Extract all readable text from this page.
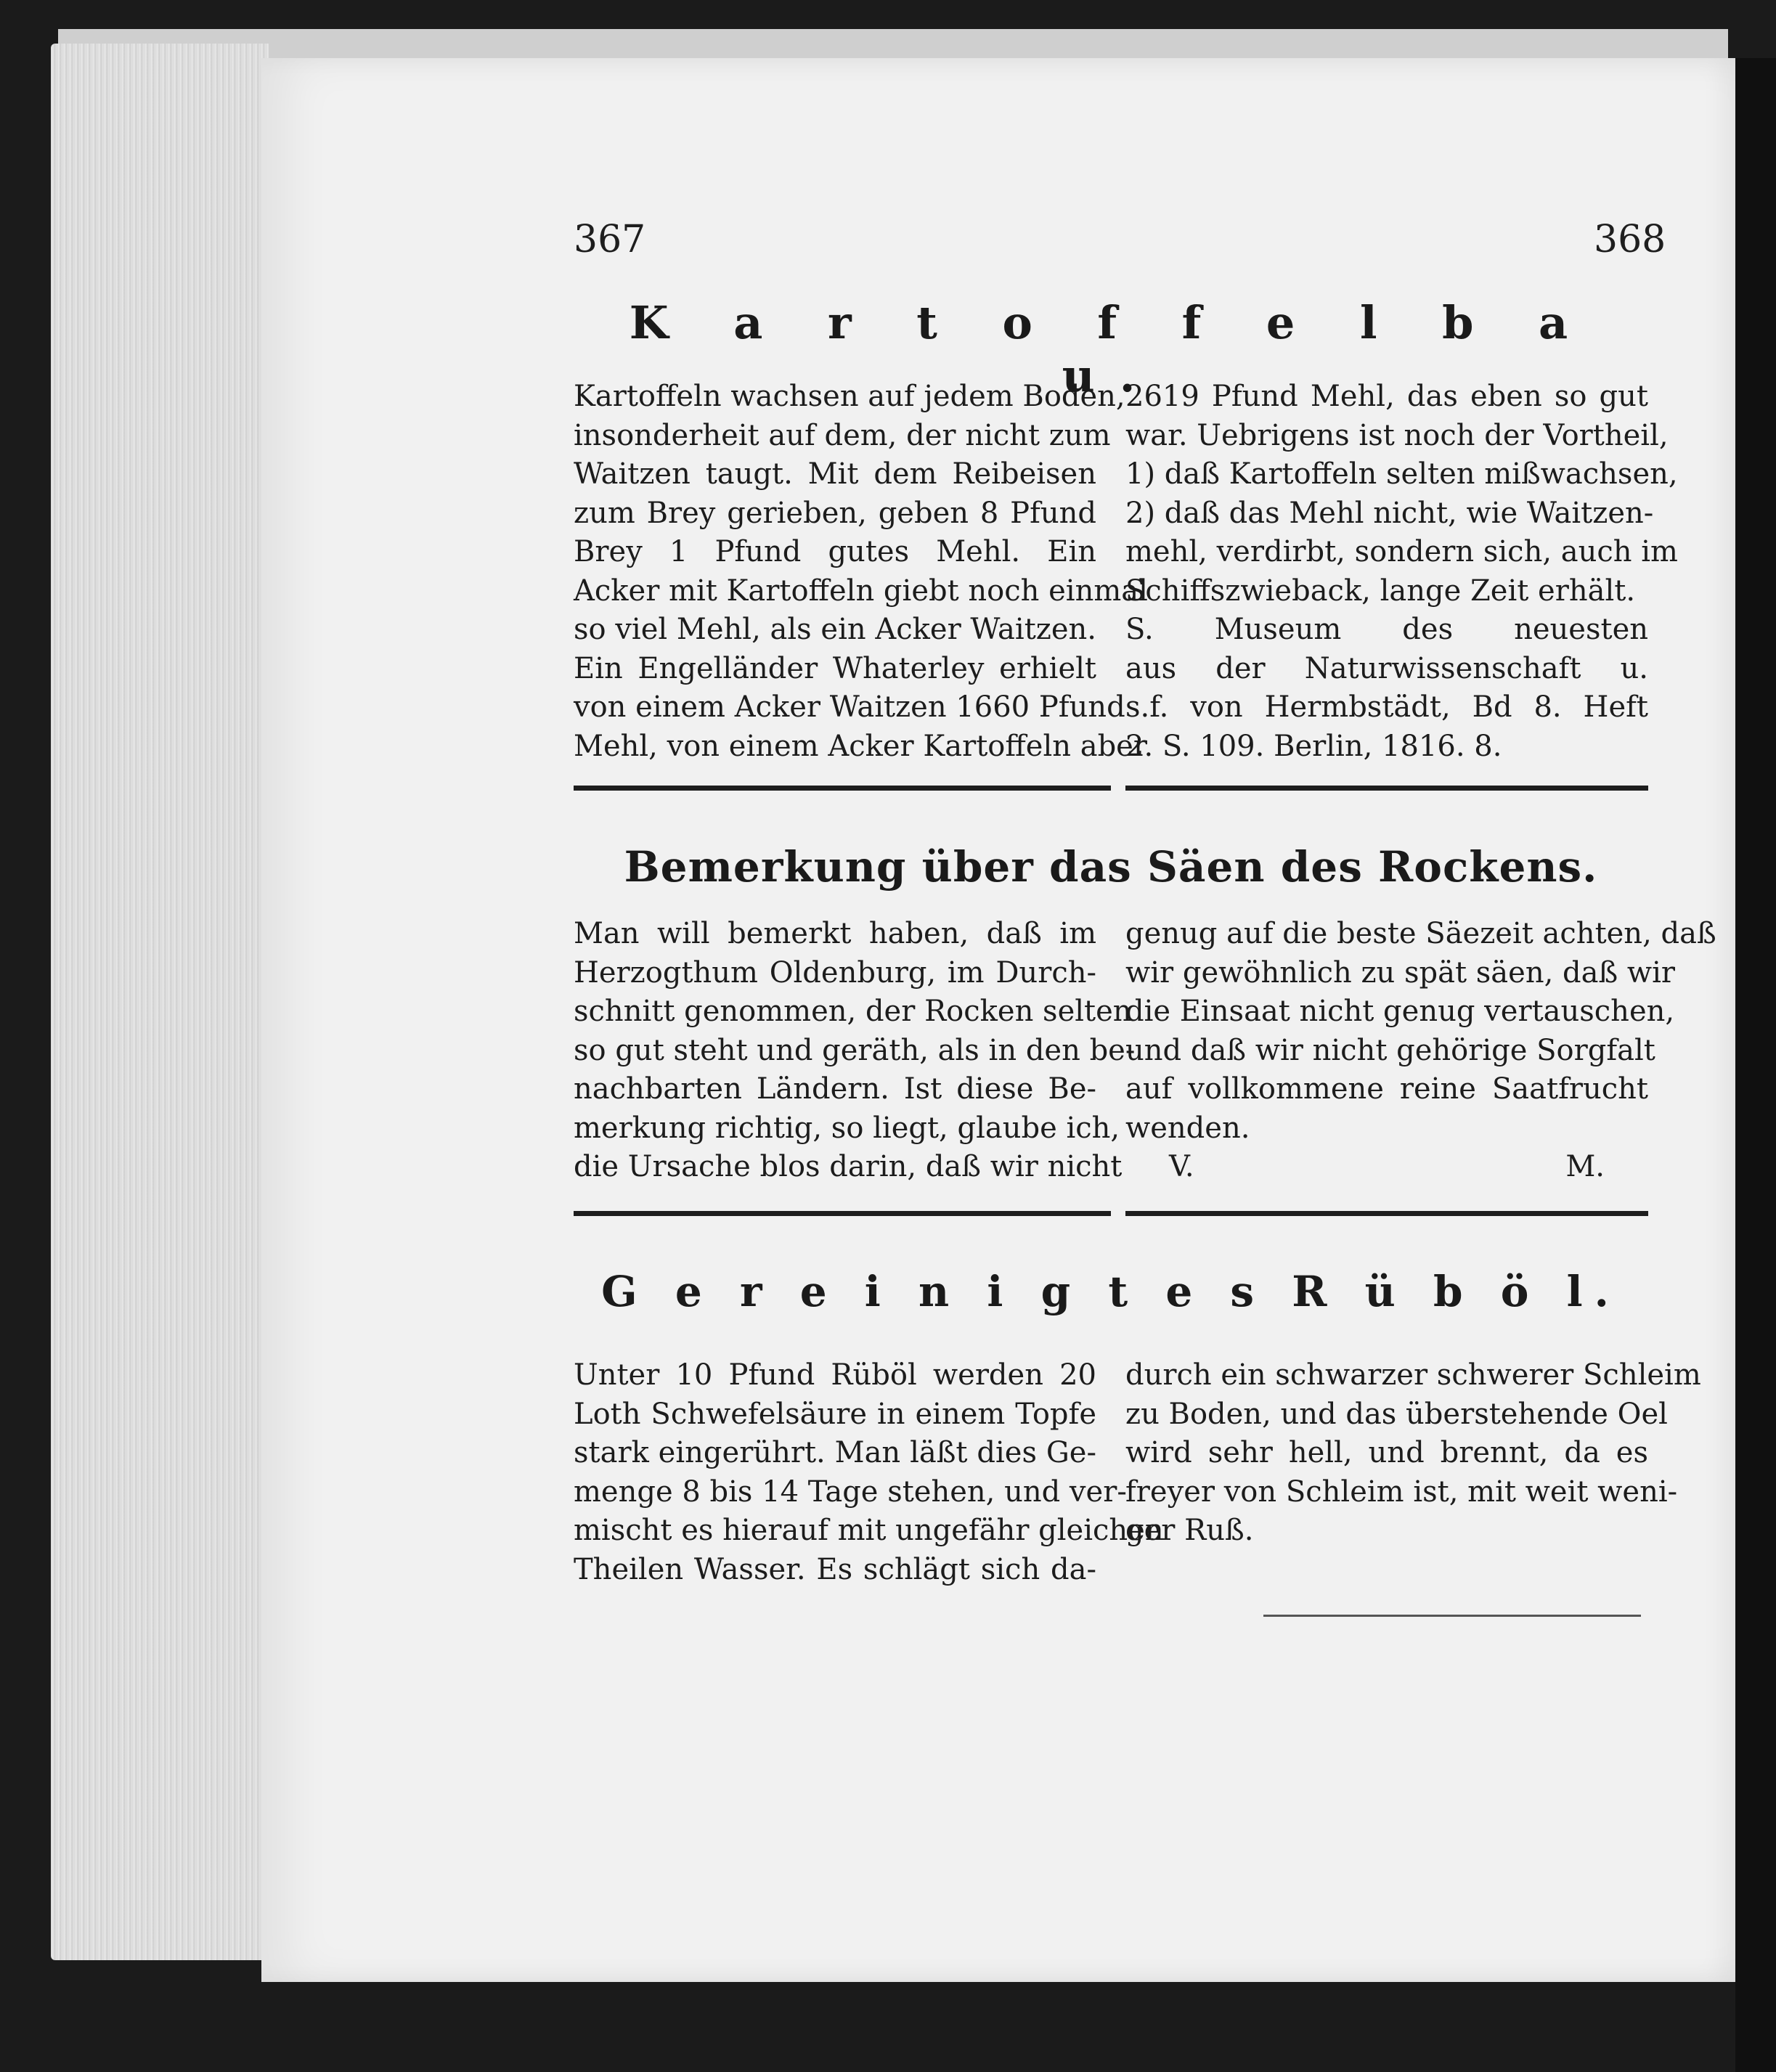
367	368
K a r t o f f e l b a u.

Kartoffeln wachsen auf jedem Boden,
insonderheit auf dem, der nicht zum
Waitzen taugt. Mit dem Reibeisen
zum Brey gerieben, geben 8 Pfund
Brey 1 Pfund gutes Mehl. Ein
Acker mit Kartoffeln giebt noch einmal
so viel Mehl, als ein Acker Waitzen.
Ein Engelländer Whaterley erhielt
von einem Acker Waitzen 1660 Pfund
Mehl, von einem Acker Kartoffeln aber

2619 Pfund Mehl, das eben so gut
war. Uebrigens ist noch der Vortheil,
1) daß Kartoffeln selten mißwachsen,
2) daß das Mehl nicht, wie Waitzen-
mehl, verdirbt, sondern sich, auch im
Schiffszwieback, lange Zeit erhält.
S. Museum des neuesten
aus der Naturwissenschaft u.
s.f. von Hermbstädt, Bd 8. Heft
2. S. 109. Berlin, 1816. 8.

Bemerkung über das Säen des Rockens.

Man will bemerkt haben, daß im
Herzogthum Oldenburg, im Durch-
schnitt genommen, der Rocken selten
so gut steht und geräth, als in den be-
nachbarten Ländern. Ist diese Be-
merkung richtig, so liegt, glaube ich,
die Ursache blos darin, daß wir nicht

genug auf die beste Säezeit achten, daß
wir gewöhnlich zu spät säen, daß wir
die Einsaat nicht genug vertauschen,
und daß wir nicht gehörige Sorgfalt
auf vollkommene reine Saatfrucht
wenden.
V. M.

G e r e i n i g t e s R ü b ö l.

Unter 10 Pfund Rüböl werden 20
Loth Schwefelsäure in einem Topfe
stark eingerührt. Man läßt dies Ge-
menge 8 bis 14 Tage stehen, und ver-
mischt es hierauf mit ungefähr gleichen
Theilen Wasser. Es schlägt sich da-

durch ein schwarzer schwerer Schleim
zu Boden, und das überstehende Oel
wird sehr hell, und brennt, da es
freyer von Schleim ist, mit weit weni-
ger Ruß.
